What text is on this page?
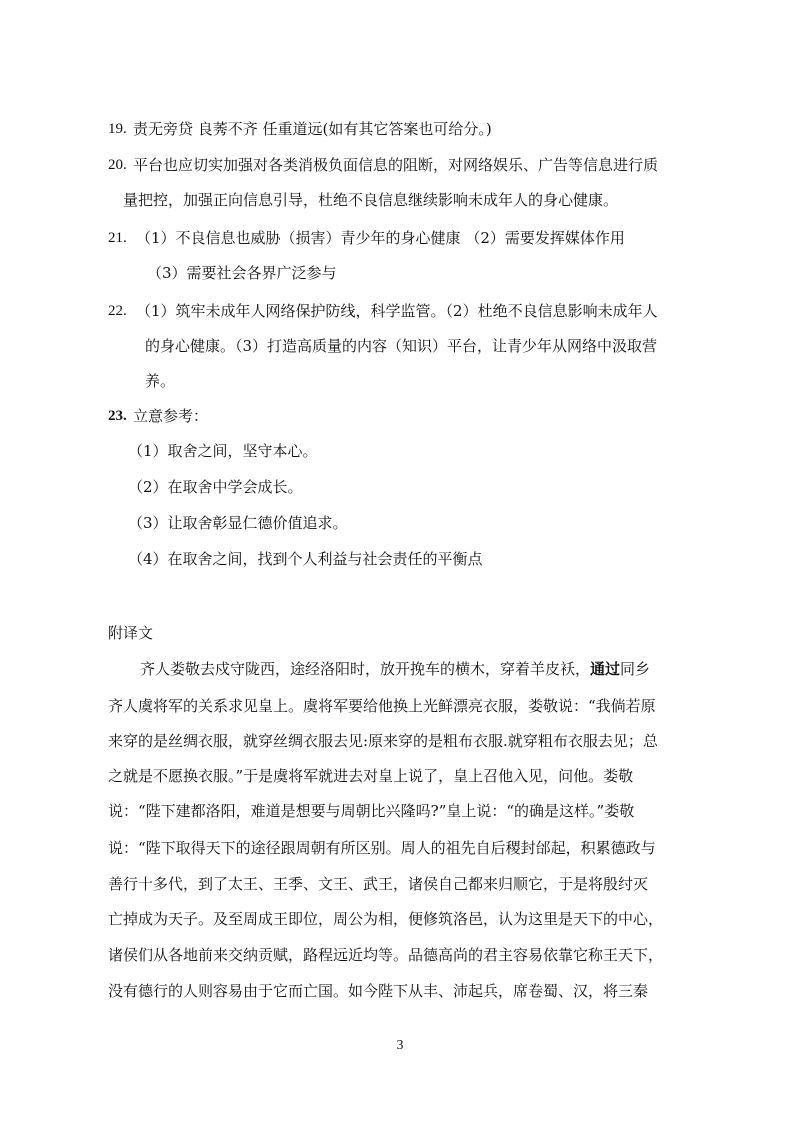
19. 责无旁贷 良莠不齐 任重道远(如有其它答案也可给分。)
20. 平台也应切实加强对各类消极负面信息的阻断，对网络娱乐、广告等信息进行质
量把控，加强正向信息引导，杜绝不良信息继续影响未成年人的身心健康。
21. （1）不良信息也威胁（损害）青少年的身心健康 （2）需要发挥媒体作用
（3）需要社会各界广泛参与
22. （1）筑牢未成年人网络保护防线，科学监管。（2）杜绝不良信息影响未成年人
的身心健康。（3）打造高质量的内容（知识）平台，让青少年从网络中汲取营
养。
23. 立意参考：
（1）取舍之间，坚守本心。
（2）在取舍中学会成长。
（3）让取舍彰显仁德价值追求。
（4）在取舍之间，找到个人利益与社会责任的平衡点
附译文
齐人娄敬去戍守陇西，途经洛阳时，放开挽车的横木，穿着羊皮袄，通过同乡
齐人虞将军的关系求见皇上。虞将军要给他换上光鲜漂亮衣服，娄敬说：“我倘若原
来穿的是丝绸衣服，就穿丝绸衣服去见:原来穿的是粗布衣服.就穿粗布衣服去见；总
之就是不愿换衣服。”于是虞将军就进去对皇上说了，皇上召他入见，问他。娄敬
说：“陛下建都洛阳，难道是想要与周朝比兴隆吗?”皇上说：“的确是这样。”娄敬
说：“陛下取得天下的途径跟周朝有所区别。周人的祖先自后稷封邰起，积累德政与
善行十多代，到了太王、王季、文王、武王，诸侯自己都来归顺它，于是将殷纣灭
亡掉成为天子。及至周成王即位，周公为相，便修筑洛邑，认为这里是天下的中心，
诸侯们从各地前来交纳贡赋，路程远近均等。品德高尚的君主容易依靠它称王天下，
没有德行的人则容易由于它而亡国。如今陛下从丰、沛起兵，席卷蜀、汉，将三秦
3
